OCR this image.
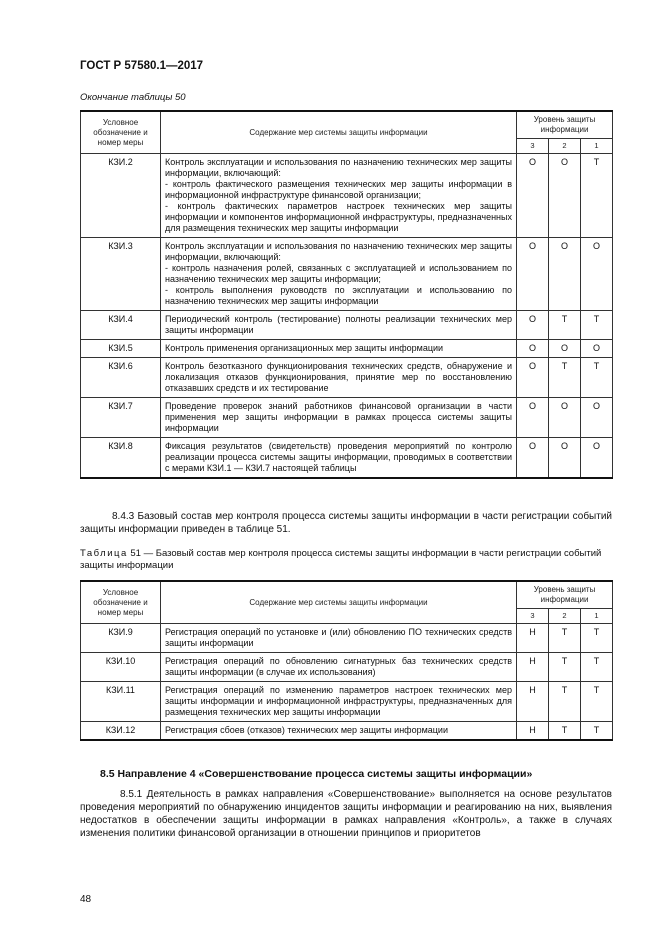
ГОСТ Р 57580.1—2017
Окончание таблицы 50
Условное обозначение и номер меры	Содержание мер системы защиты информации	Уровень защиты информации		
		3	2	1
КЗИ.2	Контроль эксплуатации и использования по назначению технических мер защиты информации, включающий:
- контроль фактического размещения технических мер защиты информации в информационной инфраструктуре финансовой организации;
- контроль фактических параметров настроек технических мер защиты информации и компонентов информационной инфраструктуры, предназначенных для размещения технических мер защиты информации	О	О	Т
КЗИ.3	Контроль эксплуатации и использования по назначению технических мер защиты информации, включающий:
- контроль назначения ролей, связанных с эксплуатацией и использованием по назначению технических мер защиты информации;
- контроль выполнения руководств по эксплуатации и использованию по назначению технических мер защиты информации	О	О	О
КЗИ.4	Периодический контроль (тестирование) полноты реализации технических мер защиты информации	О	Т	Т
КЗИ.5	Контроль применения организационных мер защиты информации	О	О	О
КЗИ.6	Контроль безотказного функционирования технических средств, обнаружение и локализация отказов функционирования, принятие мер по восстановлению отказавших средств и их тестирование	О	Т	Т
КЗИ.7	Проведение проверок знаний работников финансовой организации в части применения мер защиты информации в рамках процесса системы защиты информации	О	О	О
КЗИ.8	Фиксация результатов (свидетельств) проведения мероприятий по контролю реализации процесса системы защиты информации, проводимых в соответствии с мерами КЗИ.1 — КЗИ.7 настоящей таблицы	О	О	О

8.4.3 Базовый состав мер контроля процесса системы защиты информации в части регистрации событий защиты информации приведен в таблице 51.

Таблица 51 — Базовый состав мер контроля процесса системы защиты информации в части регистрации событий защиты информации

Условное обозначение и номер меры	Содержание мер системы защиты информации	Уровень защиты информации		
		3	2	1
КЗИ.9	Регистрация операций по установке и (или) обновлению ПО технических средств защиты информации	Н	Т	Т
КЗИ.10	Регистрация операций по обновлению сигнатурных баз технических средств защиты информации (в случае их использования)	Н	Т	Т
КЗИ.11	Регистрация операций по изменению параметров настроек технических мер защиты информации и информационной инфраструктуры, предназначенных для размещения технических мер защиты информации	Н	Т	Т
КЗИ.12	Регистрация сбоев (отказов) технических мер защиты информации	Н	Т	Т
8.5 Направление 4 «Совершенствование процесса системы защиты информации»

8.5.1 Деятельность в рамках направления «Совершенствование» выполняется на основе результатов проведения мероприятий по обнаружению инцидентов защиты информации и реагированию на них, выявления недостатков в обеспечении защиты информации в рамках направления «Контроль», а также в случаях изменения политики финансовой организации в отношении принципов и приоритетов

48
